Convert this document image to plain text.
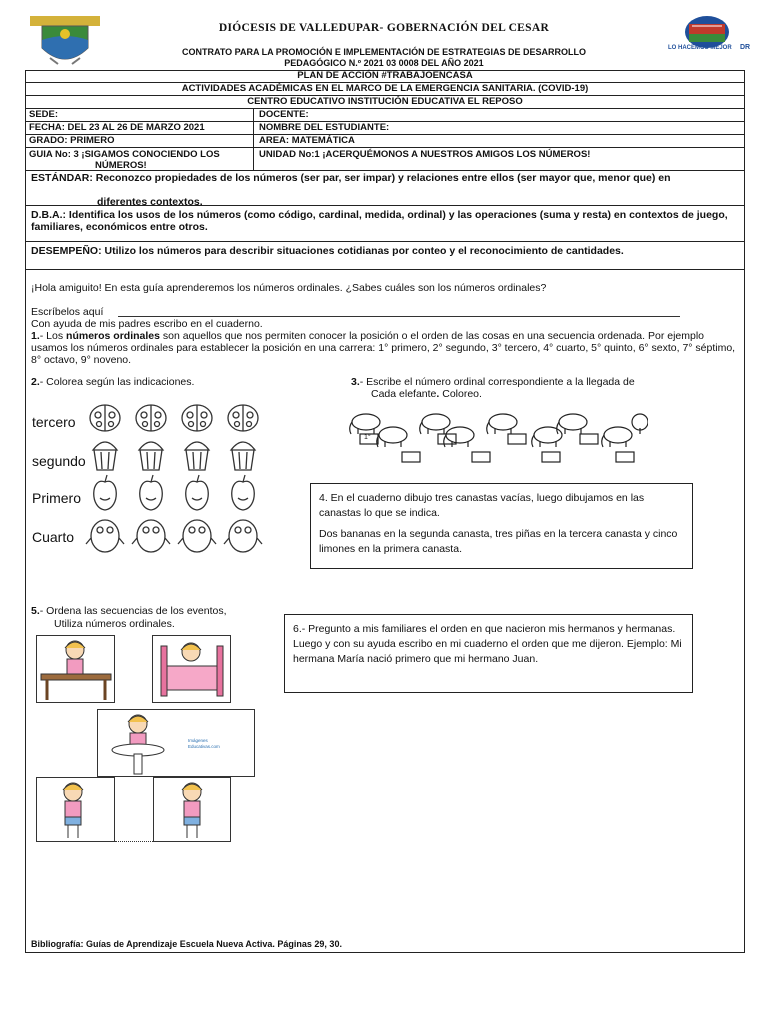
DIÓCESIS DE VALLEDUPAR- GOBERNACIÓN DEL CESAR
CONTRATO PARA LA PROMOCIÓN E IMPLEMENTACIÓN DE ESTRATEGIAS DE DESARROLLO
PEDAGÓGICO N.º 2021 03 0008 DEL AÑO 2021
LO HACEMOS MEJOR DR
PLAN DE ACCIÓN #TRABAJOENCASA
ACTIVIDADES ACADÉMICAS EN EL MARCO DE LA EMERGENCIA SANITARIA. (COVID-19)
CENTRO EDUCATIVO INSTITUCIÓN EDUCATIVA EL REPOSO
SEDE:	DOCENTE:
FECHA: DEL 23 AL 26 DE MARZO 2021	NOMBRE DEL ESTUDIANTE:
GRADO: PRIMERO	AREA: MATEMÁTICA
GUIA No: 3 ¡SIGAMOS CONOCIENDO LOS
NÚMEROS!
UNIDAD No:1 ¡ACERQUÉMONOS A NUESTROS AMIGOS LOS NÚMEROS!
ESTÁNDAR: Reconozco propiedades de los números (ser par, ser impar) y relaciones entre ellos (ser mayor que, menor que) en
diferentes contextos.
D.B.A.: Identifica los usos de los números (como código, cardinal, medida, ordinal) y las operaciones (suma y resta) en contextos de juego, familiares, económicos entre otros.
DESEMPEÑO: Utilizo los números para describir situaciones cotidianas por conteo y el reconocimiento de cantidades.
¡Hola amiguito! En esta guía aprenderemos los números ordinales. ¿Sabes cuáles son los números ordinales?
Escríbelos aquí
Con ayuda de mis padres escribo en el cuaderno.
1.- Los números ordinales son aquellos que nos permiten conocer la posición o el orden de las cosas en una secuencia ordenada. Por ejemplo usamos los números ordinales para establecer la posición en una carrera: 1° primero, 2° segundo, 3° tercero, 4° cuarto, 5° quinto, 6° sexto, 7° séptimo, 8° octavo, 9° noveno.
2.- Colorea según las indicaciones.
tercero
segundo
Primero
Cuarto
3.- Escribe el número ordinal correspondiente a la llegada de
Cada elefante. Coloreo.
1°
4. En el cuaderno dibujo tres canastas vacías, luego dibujamos en las canastas lo que se indica.
Dos bananas en la segunda canasta, tres piñas en la tercera canasta y cinco limones en la primera canasta.
5.- Ordena las secuencias de los eventos,
Utiliza números ordinales.
Imágenes Educativas.com
6.- Pregunto a mis familiares el orden en que nacieron mis hermanos y hermanas. Luego y con su ayuda escribo en mi cuaderno el orden que me dijeron. Ejemplo: Mi hermana María nació primero que mi hermano Juan.
Bibliografía: Guías de Aprendizaje Escuela Nueva Activa. Páginas 29, 30.
